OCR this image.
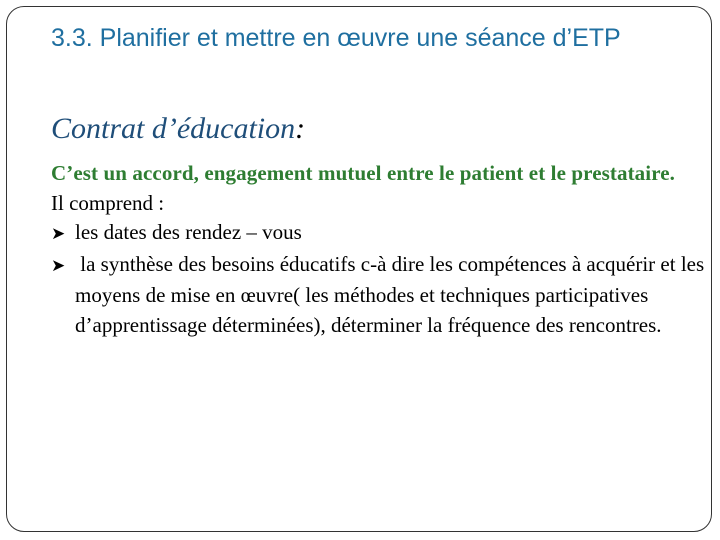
3.3. Planifier et mettre en œuvre une séance d’ETP
Contrat d’éducation:

C’est un accord, engagement mutuel entre le patient et le prestataire.

Il comprend :

➤ les dates des rendez – vous

➤ la synthèse des besoins éducatifs c-à dire les compétences à acquérir et les moyens de mise en œuvre( les méthodes et techniques participatives d’apprentissage déterminées), déterminer la fréquence des rencontres.
